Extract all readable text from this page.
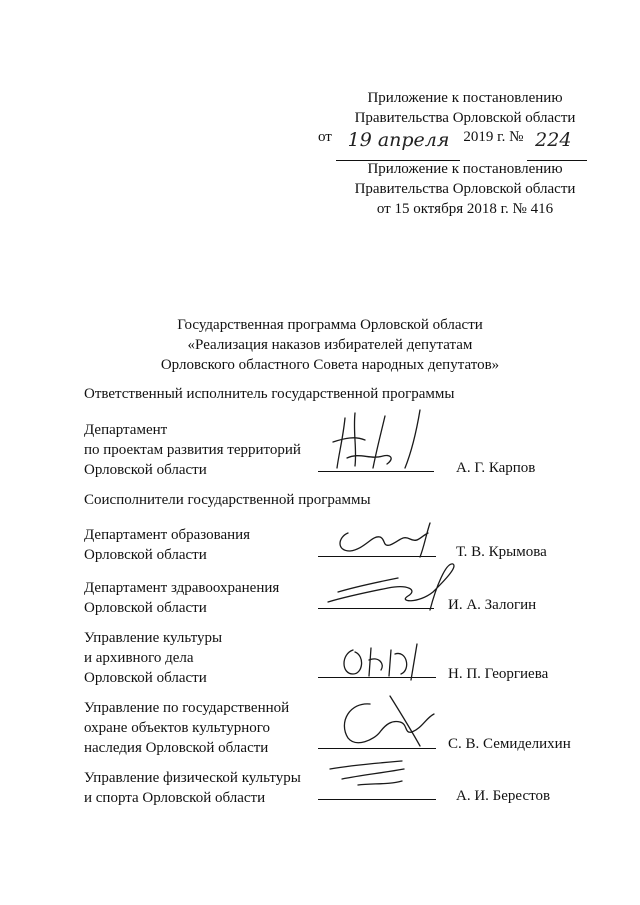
Приложение к постановлению
Правительства Орловской области
от 19 апреля 2019 г. № 224
Приложение к постановлению
Правительства Орловской области
от 15 октября 2018 г. № 416
Государственная программа Орловской области
«Реализация наказов избирателей депутатам
Орловского областного Совета народных депутатов»
Ответственный исполнитель государственной программы
Департамент
по проектам развития территорий
Орловской области	А. Г. Карпов
Соисполнители государственной программы
Департамент образования
Орловской области	Т. В. Крымова
Департамент здравоохранения
Орловской области	И. А. Залогин
Управление культуры
и архивного дела
Орловской области	Н. П. Георгиева
Управление по государственной
охране объектов культурного
наследия Орловской области	С. В. Семиделихин
Управление физической культуры
и спорта Орловской области	А. И. Берестов
